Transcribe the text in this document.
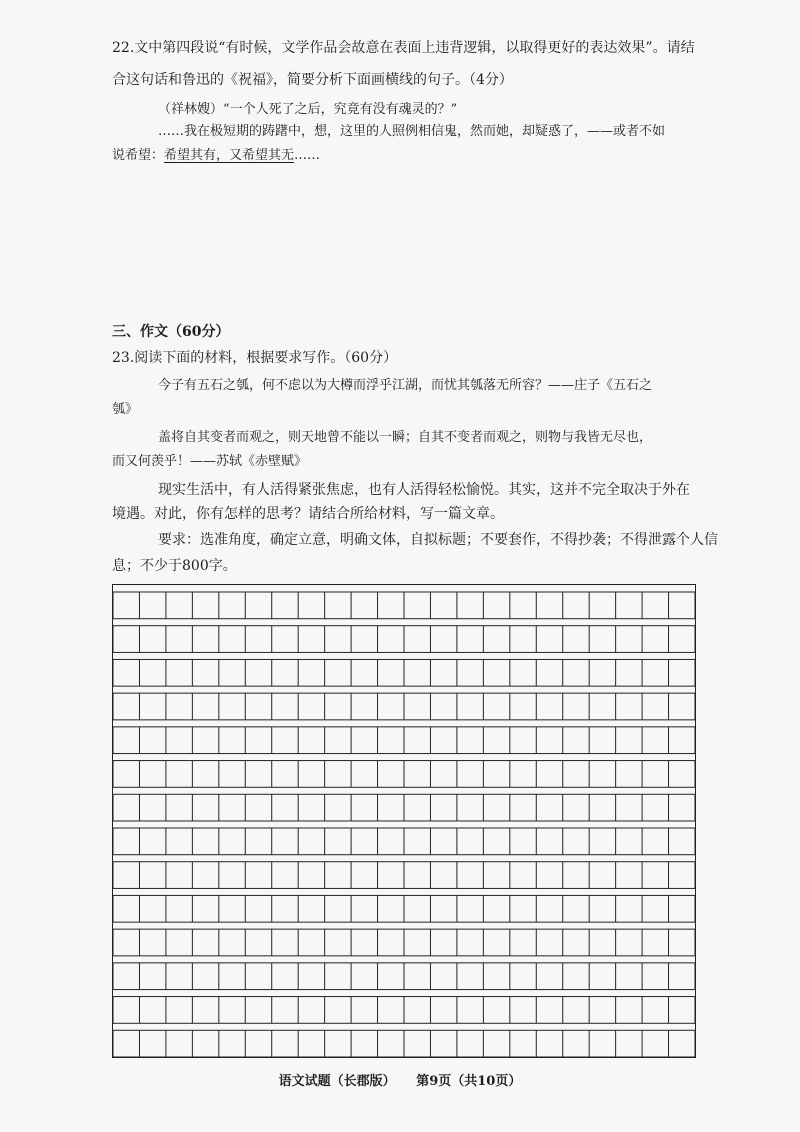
22.文中第四段说“有时候，文学作品会故意在表面上违背逻辑，以取得更好的表达效果”。请结
合这句话和鲁迅的《祝福》，简要分析下面画横线的句子。（4分）
（祥林嫂）“一个人死了之后，究竟有没有魂灵的？”
……我在极短期的踌躇中，想，这里的人照例相信鬼，然而她，却疑惑了，——或者不如
说希望：希望其有，又希望其无……
三、作文（60分）
23.阅读下面的材料，根据要求写作。（60分）
今子有五石之瓠，何不虑以为大樽而浮乎江湖，而忧其瓠落无所容？——庄子《五石之
瓠》
盖将自其变者而观之，则天地曾不能以一瞬；自其不变者而观之，则物与我皆无尽也，
而又何羡乎！——苏轼《赤壁赋》
现实生活中，有人活得紧张焦虑，也有人活得轻松愉悦。其实，这并不完全取决于外在
境遇。对此，你有怎样的思考？请结合所给材料，写一篇文章。
要求：选准角度，确定立意，明确文体，自拟标题；不要套作，不得抄袭；不得泄露个人信
息；不少于800字。
语文试题（长郡版） 第9页（共10页）
